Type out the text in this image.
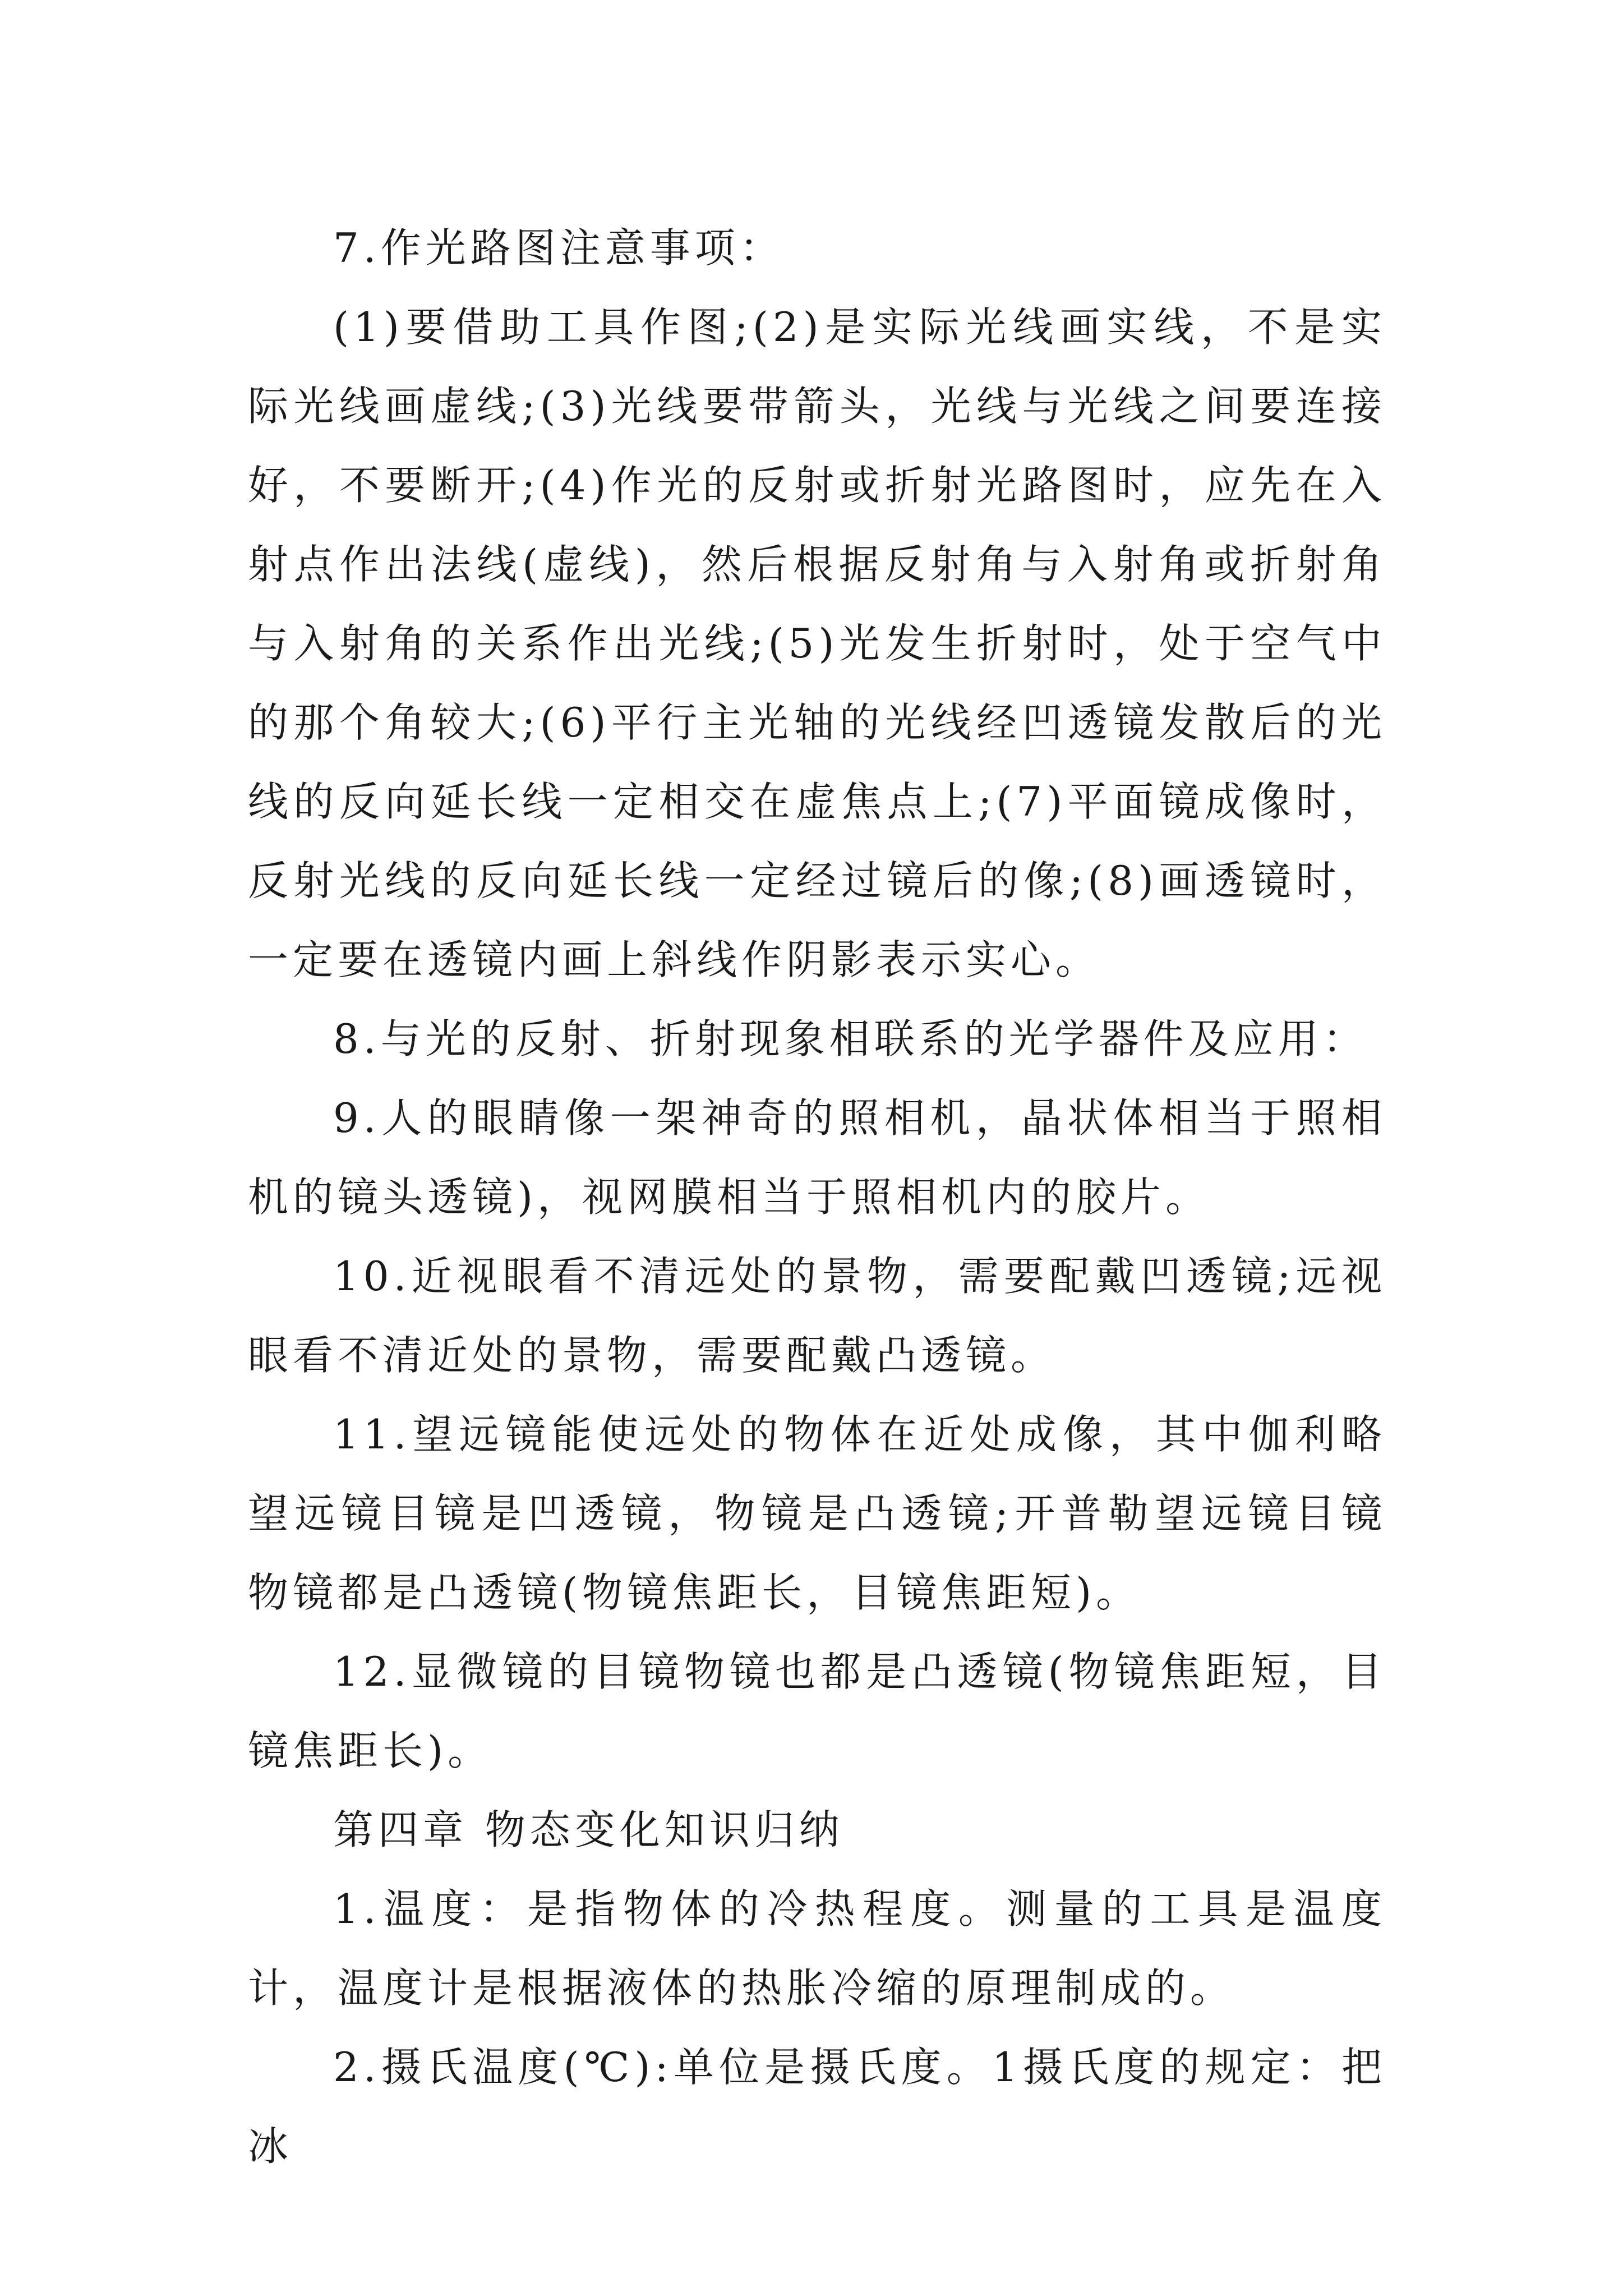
7.作光路图注意事项：

(1)要借助工具作图;(2)是实际光线画实线，不是实际光线画虚线;(3)光线要带箭头，光线与光线之间要连接好，不要断开;(4)作光的反射或折射光路图时，应先在入射点作出法线(虚线)，然后根据反射角与入射角或折射角与入射角的关系作出光线;(5)光发生折射时，处于空气中的那个角较大;(6)平行主光轴的光线经凹透镜发散后的光线的反向延长线一定相交在虚焦点上;(7)平面镜成像时，反射光线的反向延长线一定经过镜后的像;(8)画透镜时，一定要在透镜内画上斜线作阴影表示实心。

8.与光的反射、折射现象相联系的光学器件及应用：

9.人的眼睛像一架神奇的照相机，晶状体相当于照相机的镜头透镜)，视网膜相当于照相机内的胶片。

10.近视眼看不清远处的景物，需要配戴凹透镜;远视眼看不清近处的景物，需要配戴凸透镜。

11.望远镜能使远处的物体在近处成像，其中伽利略望远镜目镜是凹透镜，物镜是凸透镜;开普勒望远镜目镜物镜都是凸透镜(物镜焦距长，目镜焦距短)。

12.显微镜的目镜物镜也都是凸透镜(物镜焦距短，目镜焦距长)。

第四章 物态变化知识归纳

1.温度：是指物体的冷热程度。测量的工具是温度计，温度计是根据液体的热胀冷缩的原理制成的。

2.摄氏温度(℃):单位是摄氏度。1摄氏度的规定：把冰
